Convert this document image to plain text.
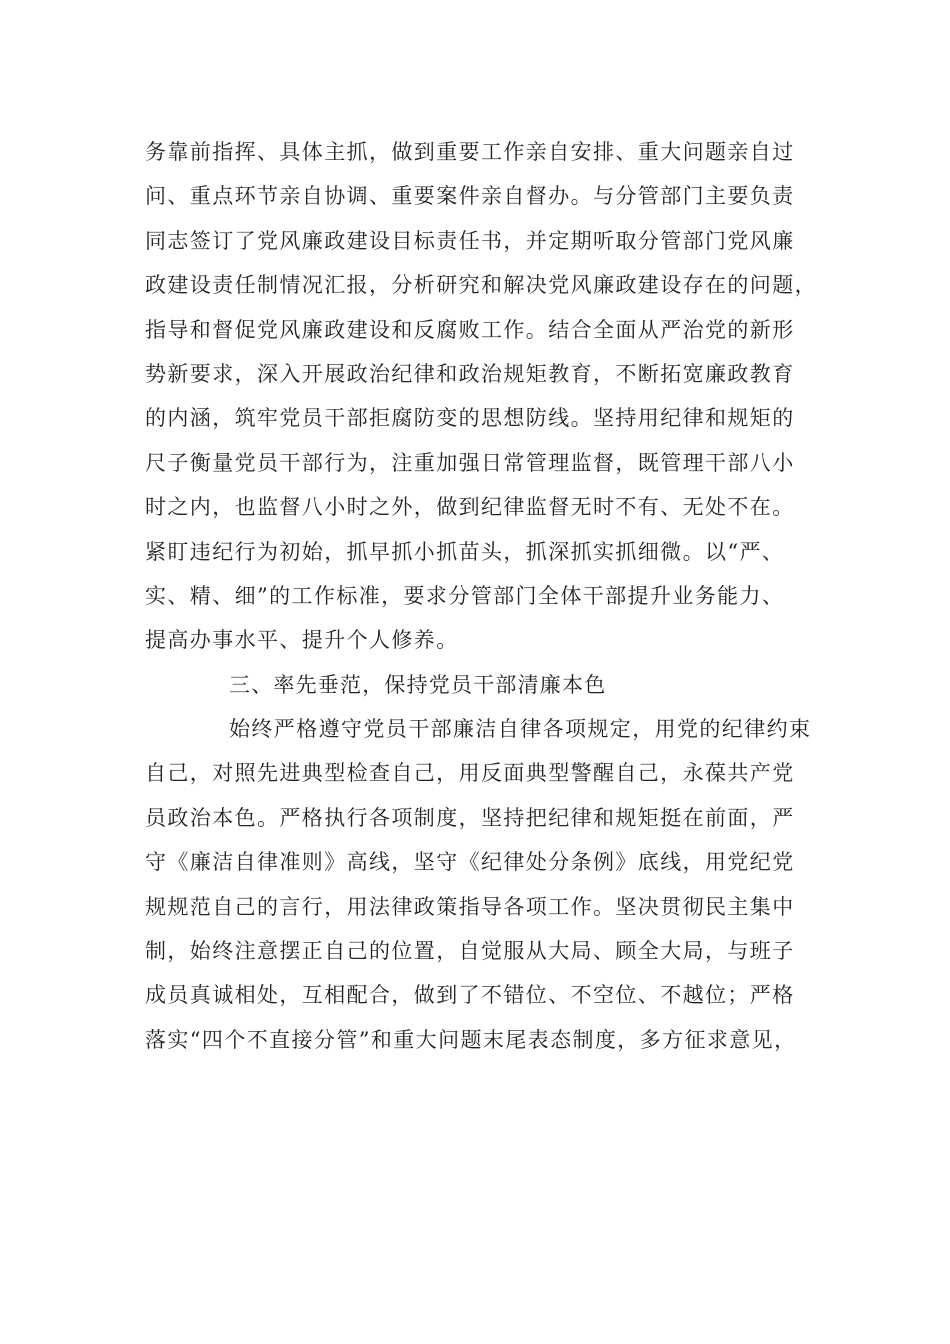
务靠前指挥、具体主抓，做到重要工作亲自安排、重大问题亲自过
问、重点环节亲自协调、重要案件亲自督办。与分管部门主要负责
同志签订了党风廉政建设目标责任书，并定期听取分管部门党风廉
政建设责任制情况汇报，分析研究和解决党风廉政建设存在的问题，
指导和督促党风廉政建设和反腐败工作。结合全面从严治党的新形
势新要求，深入开展政治纪律和政治规矩教育，不断拓宽廉政教育
的内涵，筑牢党员干部拒腐防变的思想防线。坚持用纪律和规矩的
尺子衡量党员干部行为，注重加强日常管理监督，既管理干部八小
时之内，也监督八小时之外，做到纪律监督无时不有、无处不在。
紧盯违纪行为初始，抓早抓小抓苗头，抓深抓实抓细微。以“严、
实、精、细”的工作标准，要求分管部门全体干部提升业务能力、
提高办事水平、提升个人修养。
三、率先垂范，保持党员干部清廉本色
始终严格遵守党员干部廉洁自律各项规定，用党的纪律约束
自己，对照先进典型检查自己，用反面典型警醒自己，永葆共产党
员政治本色。严格执行各项制度，坚持把纪律和规矩挺在前面，严
守《廉洁自律准则》高线，坚守《纪律处分条例》底线，用党纪党
规规范自己的言行，用法律政策指导各项工作。坚决贯彻民主集中
制，始终注意摆正自己的位置，自觉服从大局、顾全大局，与班子
成员真诚相处，互相配合，做到了不错位、不空位、不越位；严格
落实“四个不直接分管”和重大问题末尾表态制度，多方征求意见，
